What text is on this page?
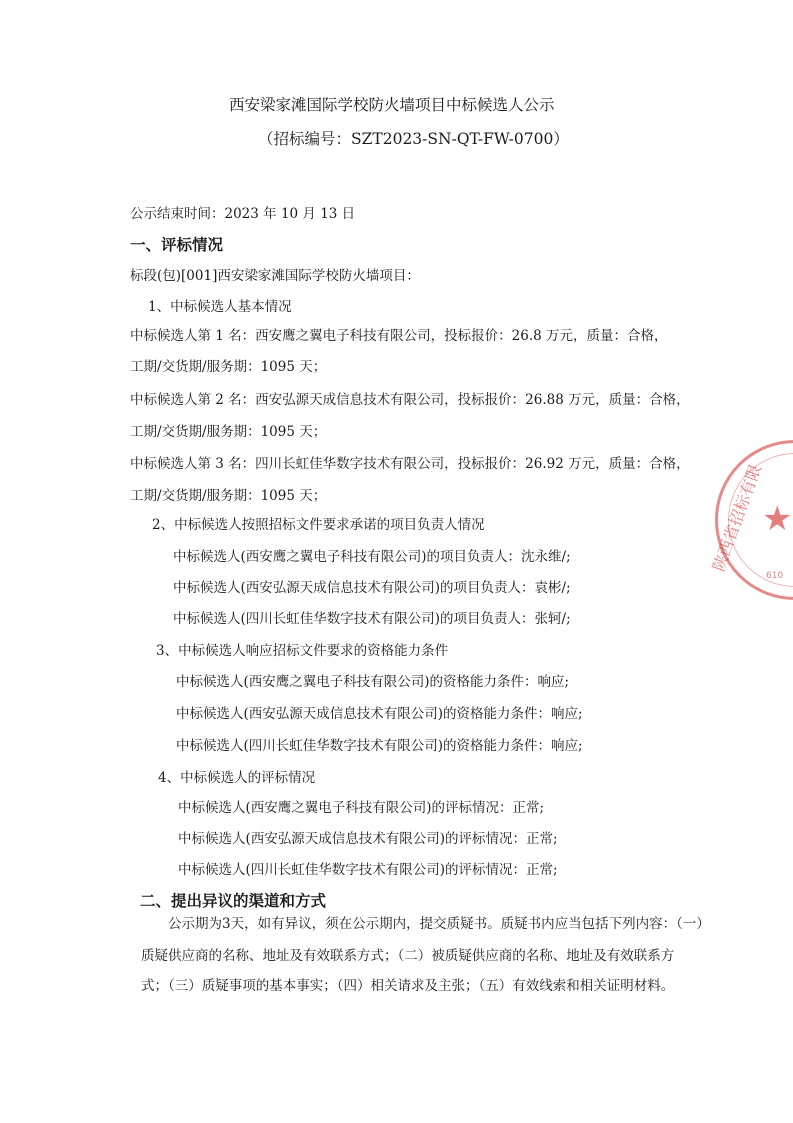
西安梁家滩国际学校防火墙项目中标候选人公示
（招标编号：SZT2023-SN-QT-FW-0700）
公示结束时间：2023 年 10 月 13 日
一、评标情况
标段(包)[001]西安梁家滩国际学校防火墙项目：
1、中标候选人基本情况
中标候选人第 1 名：西安鹰之翼电子科技有限公司，投标报价：26.8 万元，质量：合格，
工期/交货期/服务期：1095 天；
中标候选人第 2 名：西安弘源天成信息技术有限公司，投标报价：26.88 万元，质量：合格，
工期/交货期/服务期：1095 天；
中标候选人第 3 名：四川长虹佳华数字技术有限公司，投标报价：26.92 万元，质量：合格，
工期/交货期/服务期：1095 天；
2、中标候选人按照招标文件要求承诺的项目负责人情况
中标候选人(西安鹰之翼电子科技有限公司)的项目负责人：沈永维/;
中标候选人(西安弘源天成信息技术有限公司)的项目负责人：袁彬/;
中标候选人(四川长虹佳华数字技术有限公司)的项目负责人：张轲/;
3、中标候选人响应招标文件要求的资格能力条件
中标候选人(西安鹰之翼电子科技有限公司)的资格能力条件：响应;
中标候选人(西安弘源天成信息技术有限公司)的资格能力条件：响应;
中标候选人(四川长虹佳华数字技术有限公司)的资格能力条件：响应;
4、中标候选人的评标情况
中标候选人(西安鹰之翼电子科技有限公司)的评标情况：正常;
中标候选人(西安弘源天成信息技术有限公司)的评标情况：正常;
中标候选人(四川长虹佳华数字技术有限公司)的评标情况：正常;
二、提出异议的渠道和方式
公示期为3天，如有异议，须在公示期内，提交质疑书。质疑书内应当包括下列内容：（一）
质疑供应商的名称、地址及有效联系方式；（二）被质疑供应商的名称、地址及有效联系方
式；（三）质疑事项的基本事实；（四）相关请求及主张；（五）有效线索和相关证明材料。
★
陕西省招标有限
610
